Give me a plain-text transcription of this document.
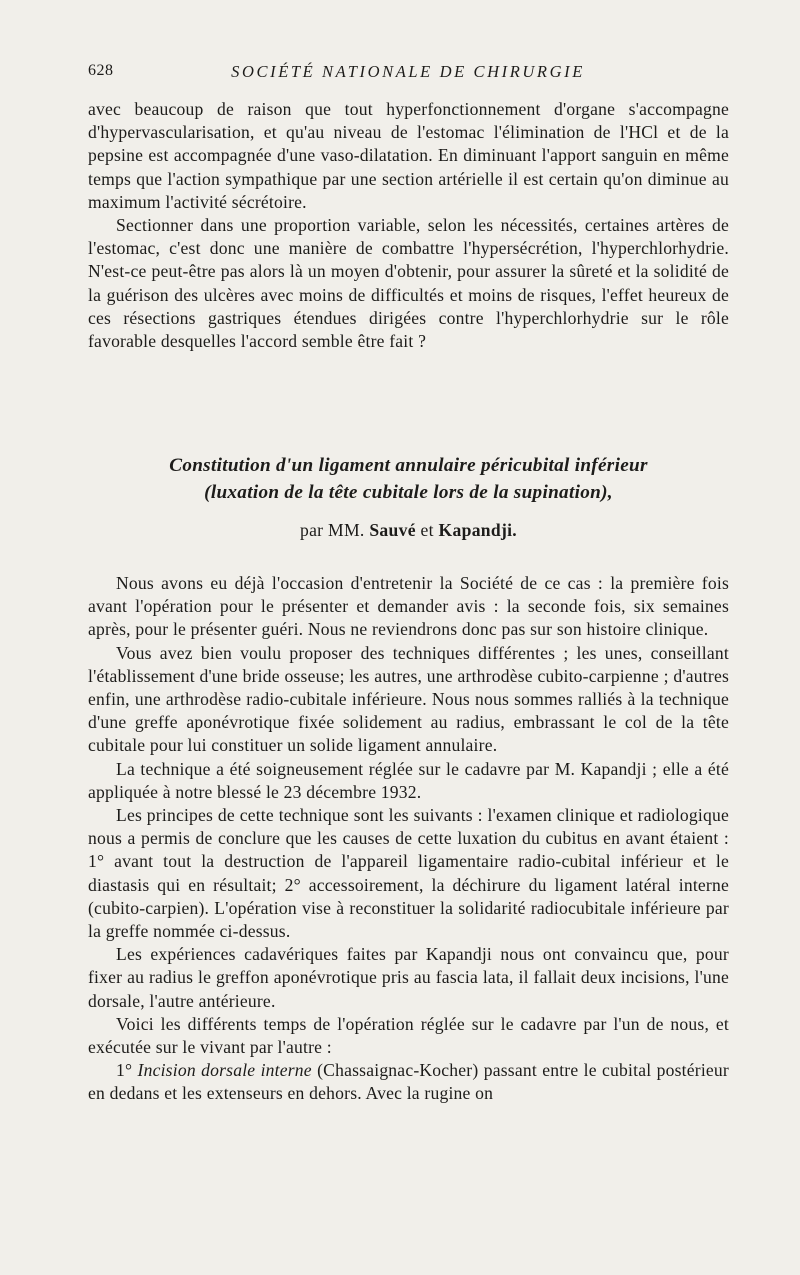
628	SOCIÉTÉ NATIONALE DE CHIRURGIE

avec beaucoup de raison que tout hyperfonctionnement d'organe s'accompagne d'hypervascularisation, et qu'au niveau de l'estomac l'élimination de l'HCl et de la pepsine est accompagnée d'une vaso-dilatation. En diminuant l'apport sanguin en même temps que l'action sympathique par une section artérielle il est certain qu'on diminue au maximum l'activité sécrétoire.

Sectionner dans une proportion variable, selon les nécessités, certaines artères de l'estomac, c'est donc une manière de combattre l'hypersécrétion, l'hyperchlorhydrie. N'est-ce peut-être pas alors là un moyen d'obtenir, pour assurer la sûreté et la solidité de la guérison des ulcères avec moins de difficultés et moins de risques, l'effet heureux de ces résections gastriques étendues dirigées contre l'hyperchlorhydrie sur le rôle favorable desquelles l'accord semble être fait ?

Constitution d'un ligament annulaire péricubital inférieur
(luxation de la tête cubitale lors de la supination),
par MM. Sauvé et Kapandji.

Nous avons eu déjà l'occasion d'entretenir la Société de ce cas : la première fois avant l'opération pour le présenter et demander avis : la seconde fois, six semaines après, pour le présenter guéri. Nous ne reviendrons donc pas sur son histoire clinique.

Vous avez bien voulu proposer des techniques différentes ; les unes, conseillant l'établissement d'une bride osseuse; les autres, une arthrodèse cubito-carpienne ; d'autres enfin, une arthrodèse radio-cubitale inférieure. Nous nous sommes ralliés à la technique d'une greffe aponévrotique fixée solidement au radius, embrassant le col de la tête cubitale pour lui constituer un solide ligament annulaire.

La technique a été soigneusement réglée sur le cadavre par M. Kapandji ; elle a été appliquée à notre blessé le 23 décembre 1932.

Les principes de cette technique sont les suivants : l'examen clinique et radiologique nous a permis de conclure que les causes de cette luxation du cubitus en avant étaient : 1° avant tout la destruction de l'appareil ligamentaire radio-cubital inférieur et le diastasis qui en résultait; 2° accessoirement, la déchirure du ligament latéral interne (cubito-carpien). L'opération vise à reconstituer la solidarité radiocubitale inférieure par la greffe nommée ci-dessus.

Les expériences cadavériques faites par Kapandji nous ont convaincu que, pour fixer au radius le greffon aponévrotique pris au fascia lata, il fallait deux incisions, l'une dorsale, l'autre antérieure.

Voici les différents temps de l'opération réglée sur le cadavre par l'un de nous, et exécutée sur le vivant par l'autre :

1° Incision dorsale interne (Chassaignac-Kocher) passant entre le cubital postérieur en dedans et les extenseurs en dehors. Avec la rugine on
